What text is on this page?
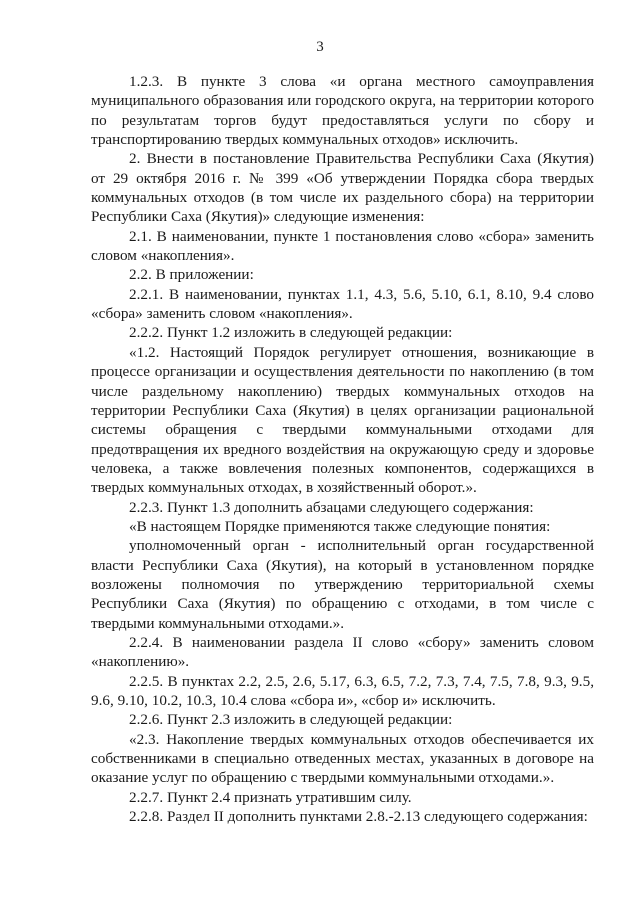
3

1.2.3. В пункте 3 слова «и органа местного самоуправления муниципального образования или городского округа, на территории которого по результатам торгов будут предоставляться услуги по сбору и транспортированию твердых коммунальных отходов» исключить.

2. Внести в постановление Правительства Республики Саха (Якутия) от 29 октября 2016 г. № 399 «Об утверждении Порядка сбора твердых коммунальных отходов (в том числе их раздельного сбора) на территории Республики Саха (Якутия)» следующие изменения:

2.1. В наименовании, пункте 1 постановления слово «сбора» заменить словом «накопления».

2.2. В приложении:

2.2.1. В наименовании, пунктах 1.1, 4.3, 5.6, 5.10, 6.1, 8.10, 9.4 слово «сбора» заменить словом «накопления».

2.2.2. Пункт 1.2 изложить в следующей редакции:

«1.2. Настоящий Порядок регулирует отношения, возникающие в процессе организации и осуществления деятельности по накоплению (в том числе раздельному накоплению) твердых коммунальных отходов на территории Республики Саха (Якутия) в целях организации рациональной системы обращения с твердыми коммунальными отходами для предотвращения их вредного воздействия на окружающую среду и здоровье человека, а также вовлечения полезных компонентов, содержащихся в твердых коммунальных отходах, в хозяйственный оборот.».

2.2.3. Пункт 1.3 дополнить абзацами следующего содержания:

«В настоящем Порядке применяются также следующие понятия:

уполномоченный орган - исполнительный орган государственной власти Республики Саха (Якутия), на который в установленном порядке возложены полномочия по утверждению территориальной схемы Республики Саха (Якутия) по обращению с отходами, в том числе с твердыми коммунальными отходами.».

2.2.4. В наименовании раздела II слово «сбору» заменить словом «накоплению».

2.2.5. В пунктах 2.2, 2.5, 2.6, 5.17, 6.3, 6.5, 7.2, 7.3, 7.4, 7.5, 7.8, 9.3, 9.5, 9.6, 9.10, 10.2, 10.3, 10.4 слова «сбора и», «сбор и» исключить.

2.2.6. Пункт 2.3 изложить в следующей редакции:

«2.3. Накопление твердых коммунальных отходов обеспечивается их собственниками в специально отведенных местах, указанных в договоре на оказание услуг по обращению с твердыми коммунальными отходами.».

2.2.7. Пункт 2.4 признать утратившим силу.

2.2.8. Раздел II дополнить пунктами 2.8.-2.13 следующего содержания:
